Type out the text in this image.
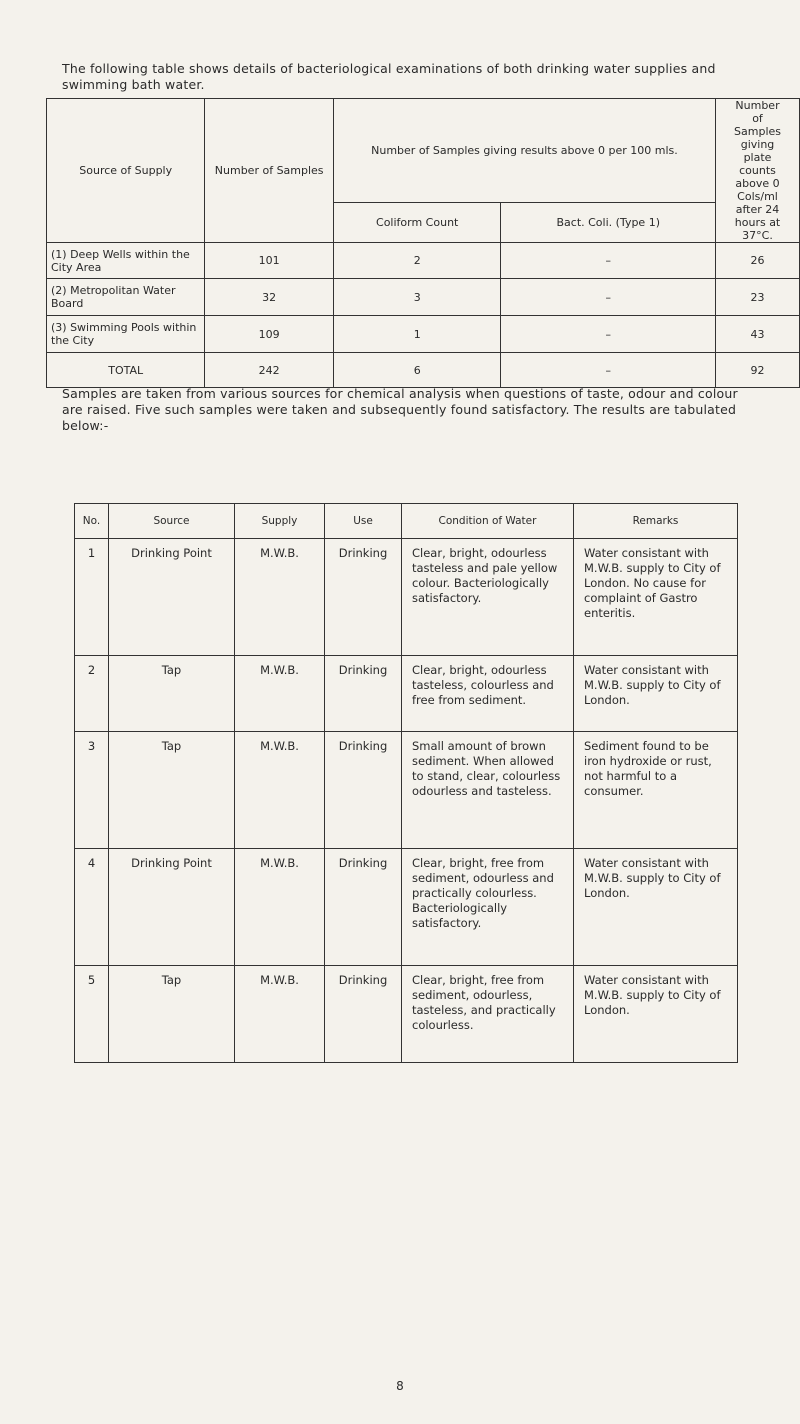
The following table shows details of bacteriological examinations of both drinking water supplies and swimming bath water.

Source of Supply	Number of Samples	Number of Samples giving results above 0 per 100 mls.		Number of Samples giving plate counts above 0 Cols/ml after 24 hours at 37°C.
		Coliform Count	Bact. Coli. (Type 1)	
(1) Deep Wells within the City Area	101	2	–	26
(2) Metropolitan Water Board	32	3	–	23
(3) Swimming Pools within the City	109	1	–	43
TOTAL	242	6	–	92

Samples are taken from various sources for chemical analysis when questions of taste, odour and colour are raised. Five such samples were taken and subsequently found satisfactory. The results are tabulated below:-

No.	Source	Supply	Use	Condition of Water	Remarks
1	Drinking Point	M.W.B.	Drinking	Clear, bright, odourless tasteless and pale yellow colour. Bacteriologically satisfactory.	Water consistant with M.W.B. supply to City of London. No cause for complaint of Gastro enteritis.
2	Tap	M.W.B.	Drinking	Clear, bright, odourless tasteless, colourless and free from sediment.	Water consistant with M.W.B. supply to City of London.
3	Tap	M.W.B.	Drinking	Small amount of brown sediment. When allowed to stand, clear, colourless odourless and tasteless.	Sediment found to be iron hydroxide or rust, not harmful to a consumer.
4	Drinking Point	M.W.B.	Drinking	Clear, bright, free from sediment, odourless and practically colourless. Bacteriologically satisfactory.	Water consistant with M.W.B. supply to City of London.
5	Tap	M.W.B.	Drinking	Clear, bright, free from sediment, odourless, tasteless, and practically colourless.	Water consistant with M.W.B. supply to City of London.
8
